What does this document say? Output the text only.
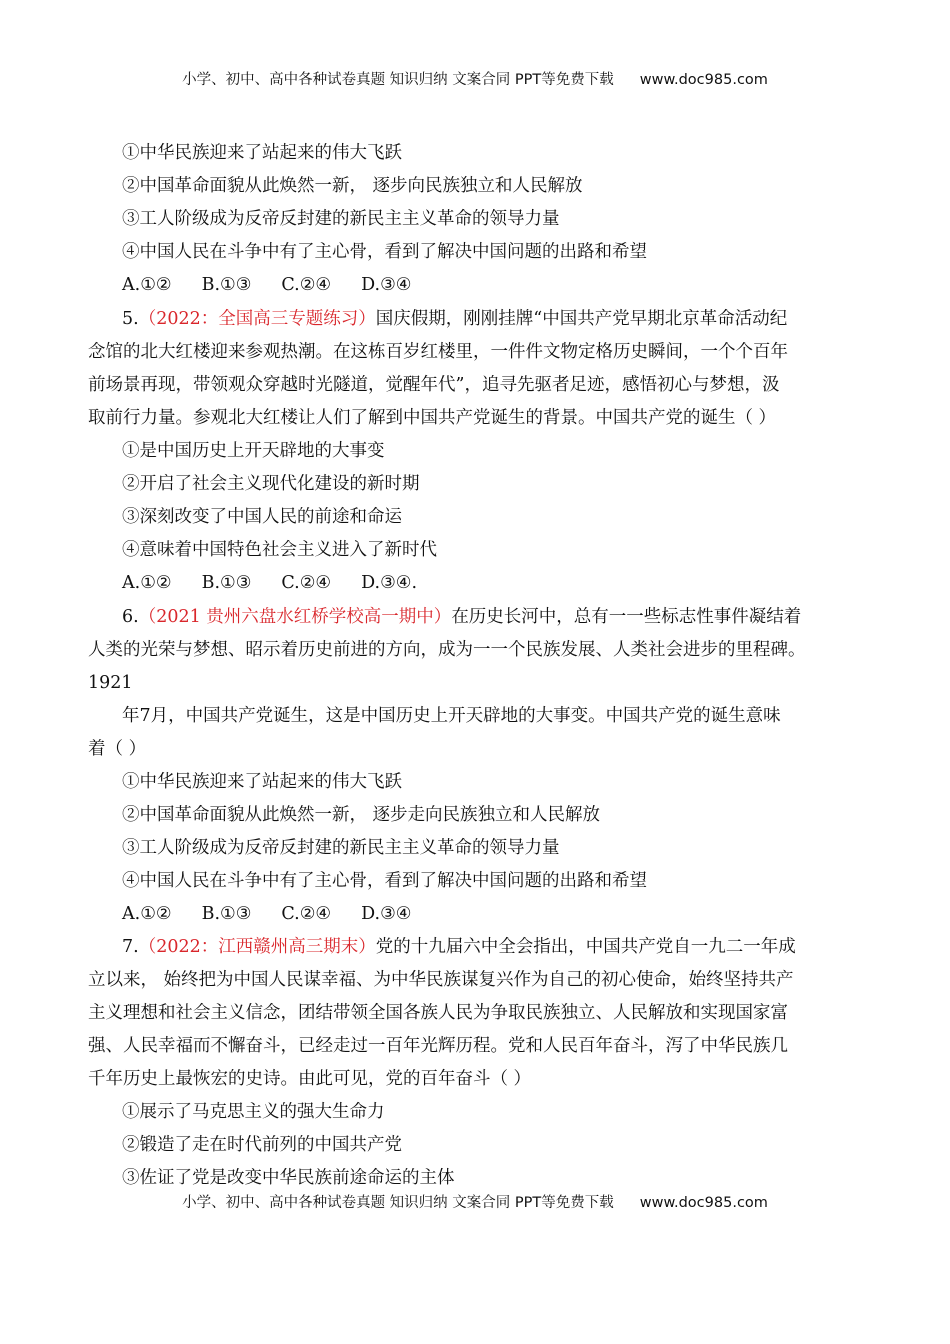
小学、初中、高中各种试卷真题 知识归纳 文案合同 PPT等免费下载 www.doc985.com
①中华民族迎来了站起来的伟大飞跃
②中国革命面貌从此焕然一新， 逐步向民族独立和人民解放
③工人阶级成为反帝反封建的新民主主义革命的领导力量
④中国人民在斗争中有了主心骨，看到了解决中国问题的出路和希望
A.①② B.①③ C.②④ D.③④
5.（2022：全国高三专题练习）国庆假期，刚刚挂牌“中国共产党早期北京革命活动纪
念馆的北大红楼迎来参观热潮。在这栋百岁红楼里，一件件文物定格历史瞬间，一个个百年
前场景再现，带领观众穿越时光隧道，觉醒年代”，追寻先驱者足迹，感悟初心与梦想，汲
取前行力量。参观北大红楼让人们了解到中国共产党诞生的背景。中国共产党的诞生（ ）
①是中国历史上开天辟地的大事变
②开启了社会主义现代化建设的新时期
③深刻改变了中国人民的前途和命运
④意味着中国特色社会主义进入了新时代
A.①② B.①③ C.②④ D.③④.
6.（2021 贵州六盘水红桥学校高一期中）在历史长河中，总有一一些标志性事件凝结着
人类的光荣与梦想、昭示着历史前进的方向，成为一一个民族发展、人类社会进步的里程碑。
1921
年7月，中国共产党诞生，这是中国历史上开天辟地的大事变。中国共产党的诞生意味
着（ ）
①中华民族迎来了站起来的伟大飞跃
②中国革命面貌从此焕然一新， 逐步走向民族独立和人民解放
③工人阶级成为反帝反封建的新民主主义革命的领导力量
④中国人民在斗争中有了主心骨，看到了解决中国问题的出路和希望
A.①② B.①③ C.②④ D.③④
7.（2022：江西赣州高三期末）党的十九届六中全会指出，中国共产党自一九二一年成
立以来， 始终把为中国人民谋幸福、为中华民族谋复兴作为自己的初心使命，始终坚持共产
主义理想和社会主义信念，团结带领全国各族人民为争取民族独立、人民解放和实现国家富
强、人民幸福而不懈奋斗，已经走过一百年光辉历程。党和人民百年奋斗，泻了中华民族几
千年历史上最恢宏的史诗。由此可见，党的百年奋斗（ ）
①展示了马克思主义的强大生命力
②锻造了走在时代前列的中国共产党
③佐证了党是改变中华民族前途命运的主体
小学、初中、高中各种试卷真题 知识归纳 文案合同 PPT等免费下载 www.doc985.com
